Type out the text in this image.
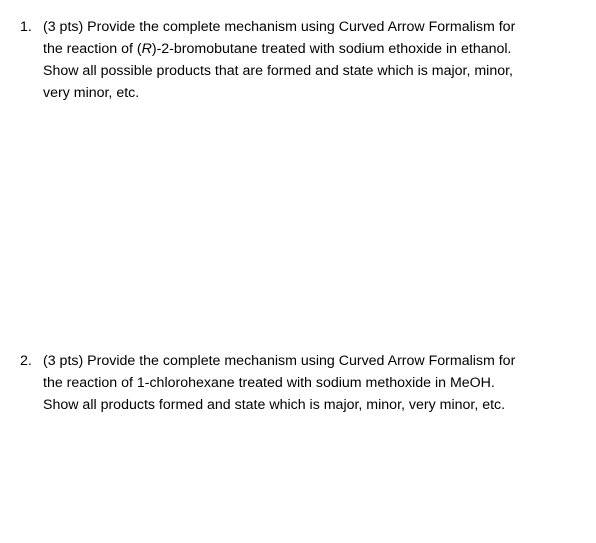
1. (3 pts) Provide the complete mechanism using Curved Arrow Formalism for
the reaction of (R)-2-bromobutane treated with sodium ethoxide in ethanol.
Show all possible products that are formed and state which is major, minor,
very minor, etc.
2. (3 pts) Provide the complete mechanism using Curved Arrow Formalism for
the reaction of 1-chlorohexane treated with sodium methoxide in MeOH.
Show all products formed and state which is major, minor, very minor, etc.
